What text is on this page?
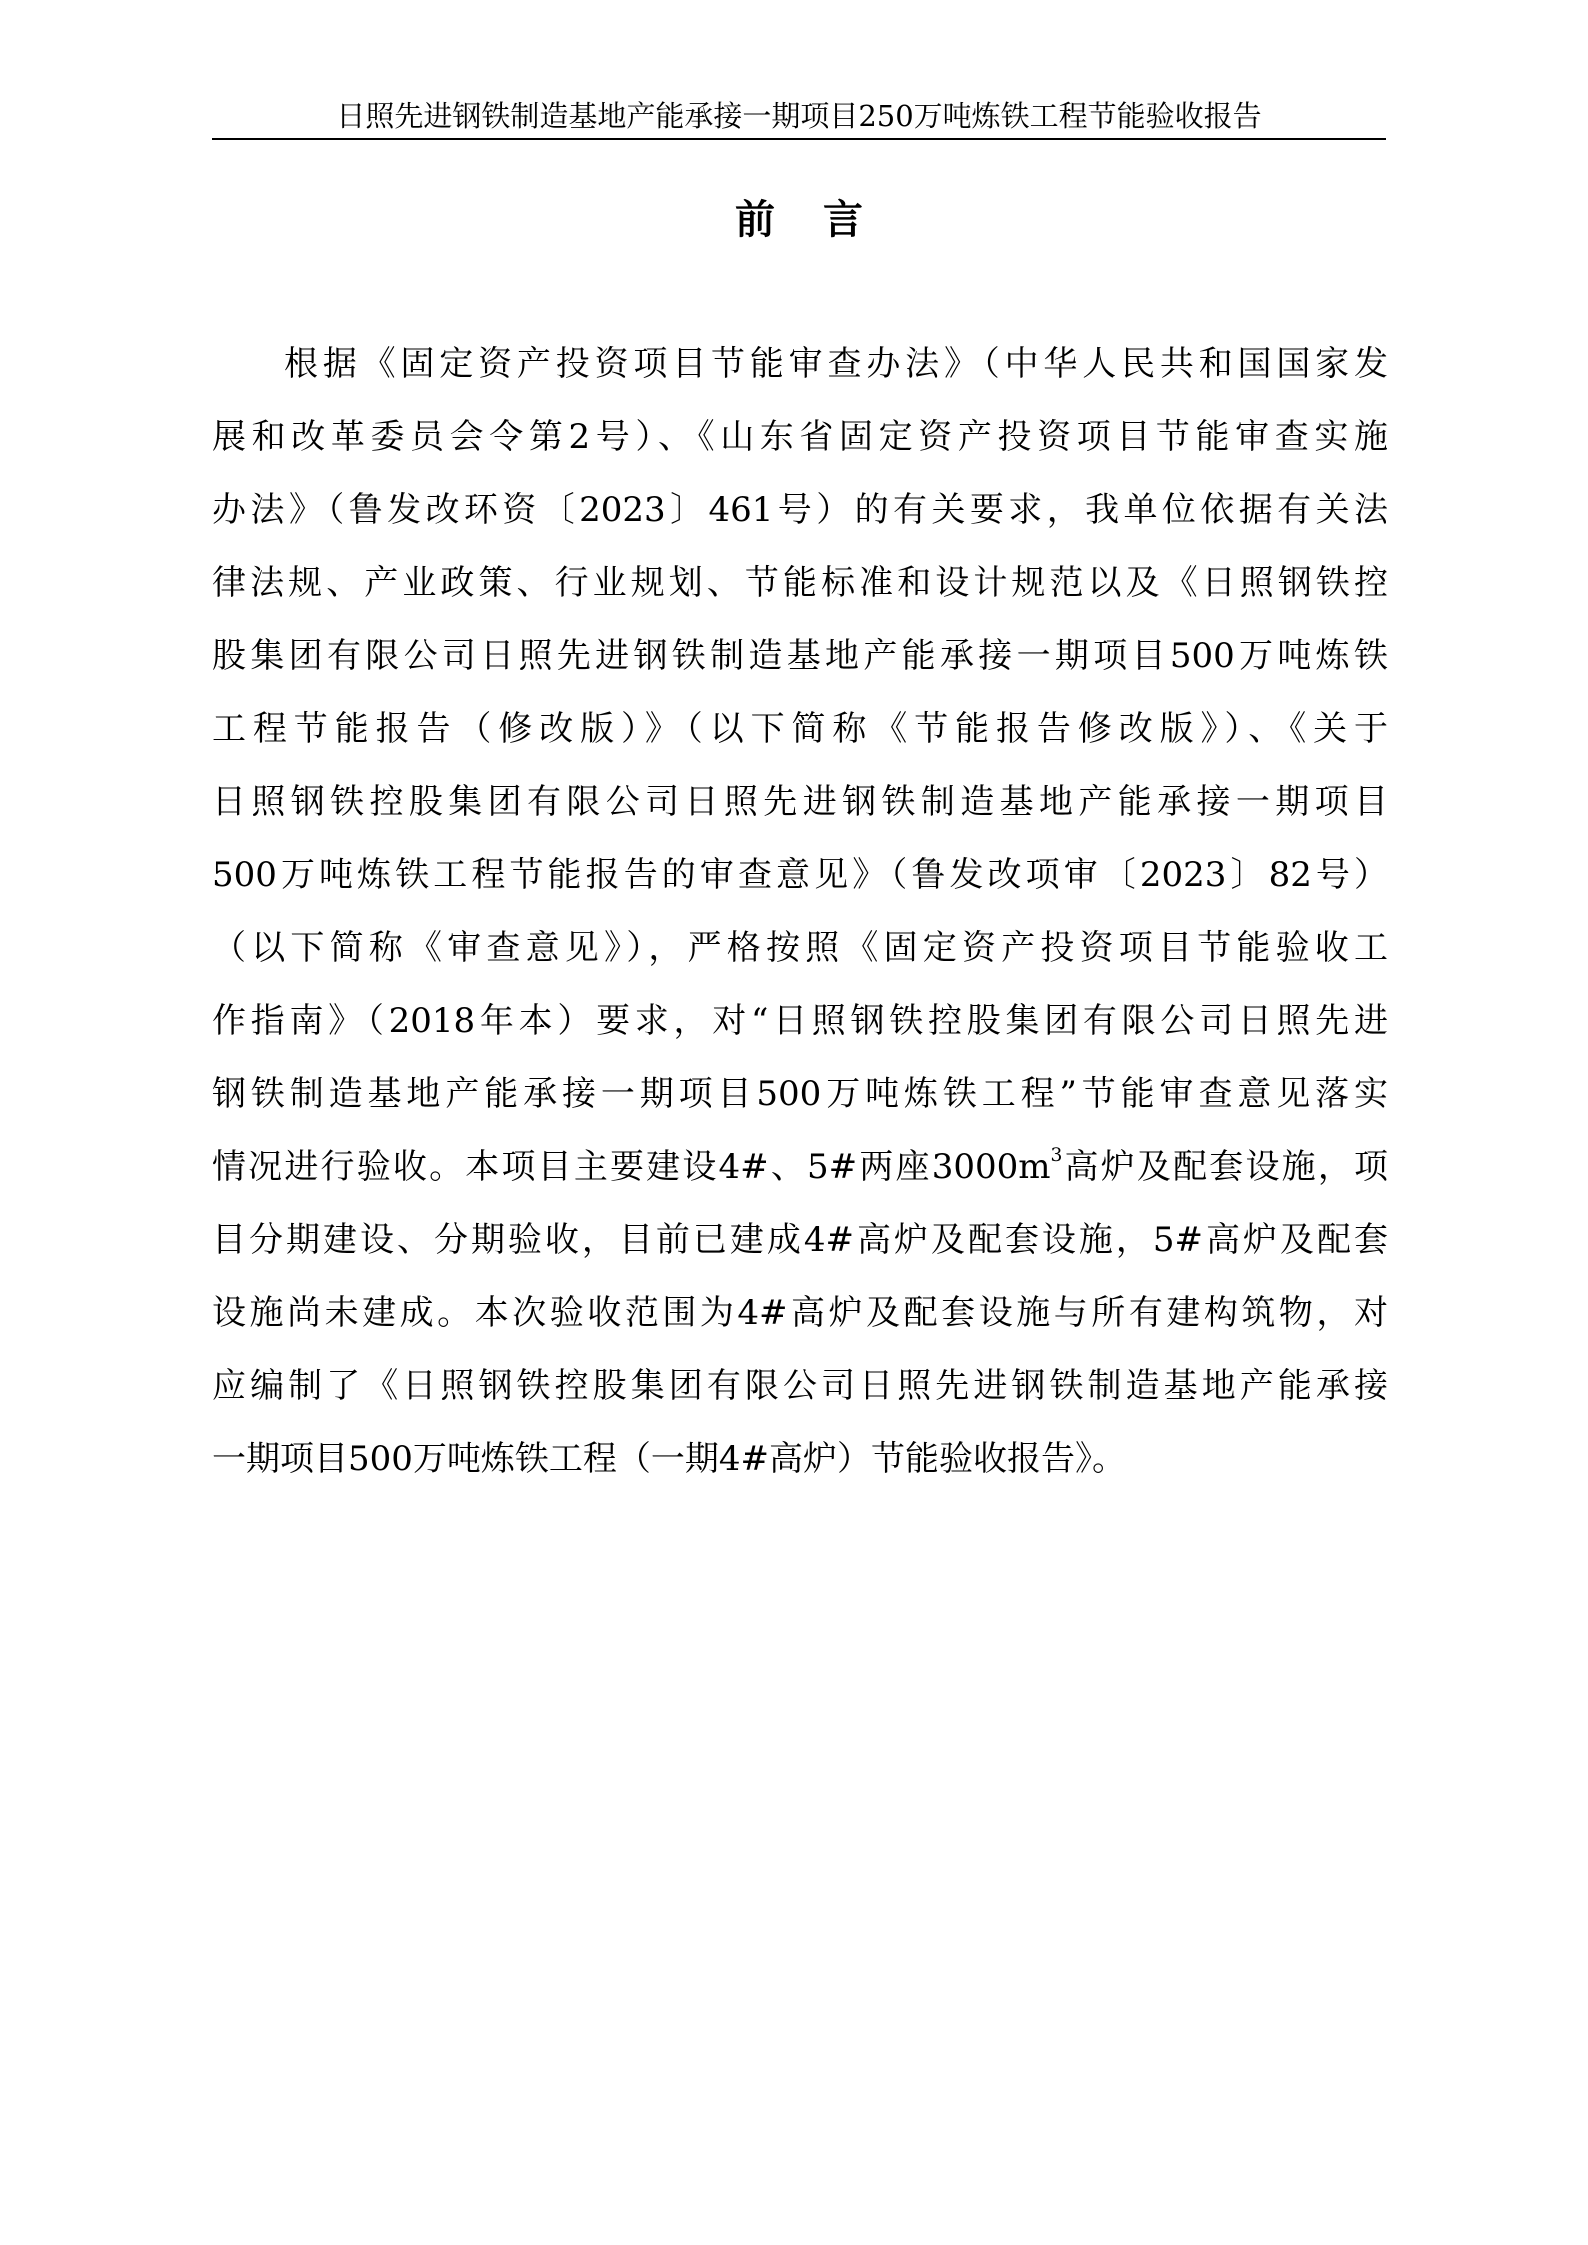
日照先进钢铁制造基地产能承接一期项目250万吨炼铁工程节能验收报告
前言
根据《固定资产投资项目节能审查办法》（中华人民共和国国家发
展和改革委员会令第2号）、《山东省固定资产投资项目节能审查实施
办法》（鲁发改环资〔2023〕461号）的有关要求，我单位依据有关法
律法规、产业政策、行业规划、节能标准和设计规范以及《日照钢铁控
股集团有限公司日照先进钢铁制造基地产能承接一期项目500万吨炼铁
工程节能报告（修改版）》（以下简称《节能报告修改版》）、《关于
日照钢铁控股集团有限公司日照先进钢铁制造基地产能承接一期项目
500万吨炼铁工程节能报告的审查意见》（鲁发改项审〔2023〕82号）
（以下简称《审查意见》），严格按照《固定资产投资项目节能验收工
作指南》（2018年本）要求，对“日照钢铁控股集团有限公司日照先进
钢铁制造基地产能承接一期项目500万吨炼铁工程”节能审查意见落实
情况进行验收。本项目主要建设4#、5#两座$3000m^3$高炉及配套设施，项
目分期建设、分期验收，目前已建成4#高炉及配套设施，5#高炉及配套
设施尚未建成。本次验收范围为4#高炉及配套设施与所有建构筑物，对
应编制了《日照钢铁控股集团有限公司日照先进钢铁制造基地产能承接
一期项目500万吨炼铁工程（一期4#高炉）节能验收报告》。
